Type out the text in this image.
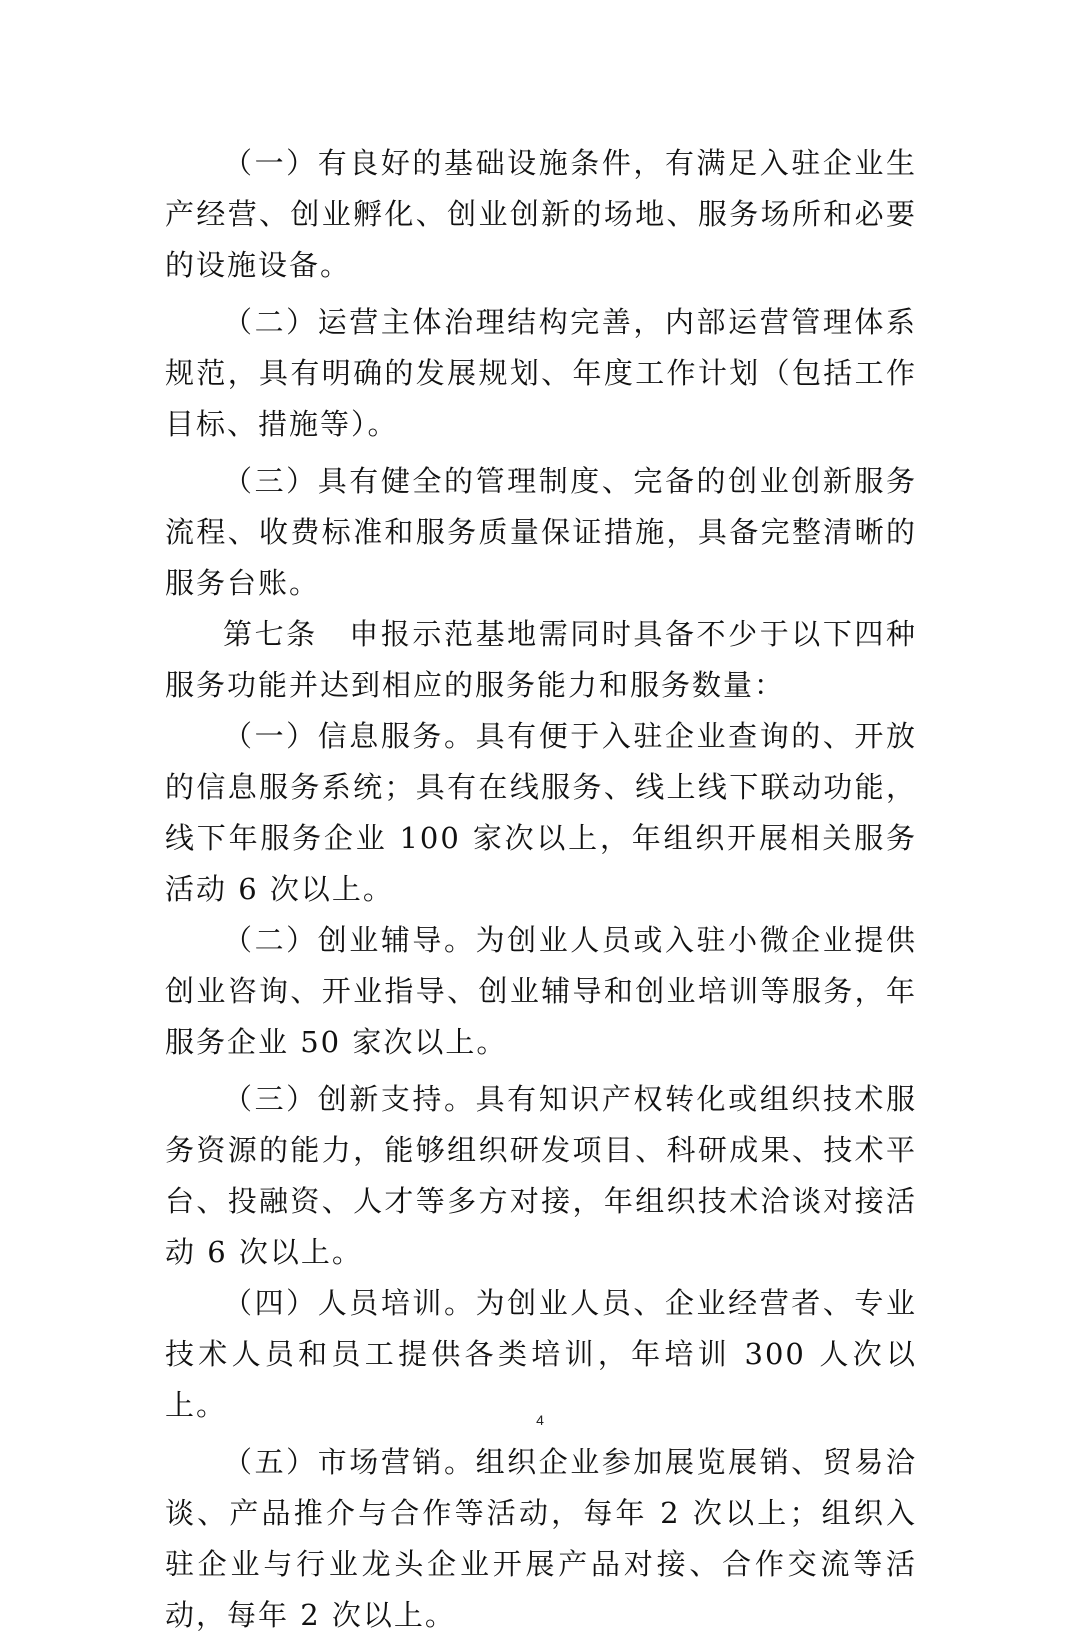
（一）有良好的基础设施条件，有满足入驻企业生产经营、创业孵化、创业创新的场地、服务场所和必要的设施设备。

（二）运营主体治理结构完善，内部运营管理体系规范，具有明确的发展规划、年度工作计划（包括工作目标、措施等）。

（三）具有健全的管理制度、完备的创业创新服务流程、收费标准和服务质量保证措施，具备完整清晰的服务台账。

第七条　申报示范基地需同时具备不少于以下四种服务功能并达到相应的服务能力和服务数量：

（一）信息服务。具有便于入驻企业查询的、开放的信息服务系统；具有在线服务、线上线下联动功能，线下年服务企业 100 家次以上，年组织开展相关服务活动 6 次以上。

（二）创业辅导。为创业人员或入驻小微企业提供创业咨询、开业指导、创业辅导和创业培训等服务，年服务企业 50 家次以上。

（三）创新支持。具有知识产权转化或组织技术服务资源的能力，能够组织研发项目、科研成果、技术平台、投融资、人才等多方对接，年组织技术洽谈对接活动 6 次以上。

（四）人员培训。为创业人员、企业经营者、专业技术人员和员工提供各类培训，年培训 300 人次以上。

（五）市场营销。组织企业参加展览展销、贸易洽谈、产品推介与合作等活动，每年 2 次以上；组织入驻企业与行业龙头企业开展产品对接、合作交流等活动，每年 2 次以上。

4
